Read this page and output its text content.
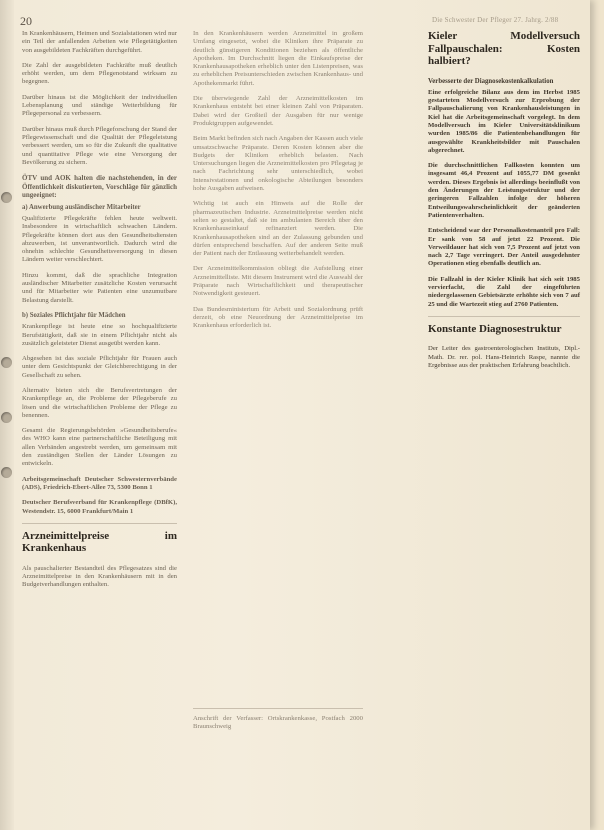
20	Die Schwester Der Pfleger 27. Jahrg. 2/88

In Krankenhäusern, Heimen und Sozialstationen wird nur ein Teil der anfallenden Arbeiten wie Pflegetätigkeiten von ausgebildeten Fachkräften durchgeführt.

Die Zahl der ausgebildeten Fachkräfte muß deutlich erhöht werden, um dem Pflegenotstand wirksam zu begegnen.

Darüber hinaus ist die Möglichkeit der individuellen Lebensplanung und ständige Weiterbildung für Pflegepersonal zu verbessern.

Darüber hinaus muß durch Pflegeforschung der Stand der Pflegewissenschaft und die Qualität der Pflegeleistung verbessert werden, um so für die Zukunft die qualitative und quantitative Pflege wie eine Versorgung der Bevölkerung zu sichern.

ÖTV und AOK halten die nachstehenden, in der Öffentlichkeit diskutierten, Vorschläge für gänzlich ungeeignet:
a) Anwerbung ausländischer Mitarbeiter

Qualifizierte Pflegekräfte fehlen heute weltweit. Insbesondere in wirtschaftlich schwachen Ländern. Pflegekräfte können dort aus den Gesundheitsdiensten abzuwerben, ist unverantwortlich. Dadurch wird die ohnehin schlechte Gesundheitsversorgung in diesen Ländern weiter verschlechtert.

Hinzu kommt, daß die sprachliche Integration ausländischer Mitarbeiter zusätzliche Kosten verursacht und für Mitarbeiter wie Patienten eine unzumutbare Belastung darstellt.

b) Soziales Pflichtjahr für Mädchen

Krankenpflege ist heute eine so hochqualifizierte Berufstätigkeit, daß sie in einem Pflichtjahr nicht als zusätzlich geleisteter Dienst ausgeübt werden kann.

Abgesehen ist das soziale Pflichtjahr für Frauen auch unter dem Gesichtspunkt der Gleichberechtigung in der Gesellschaft zu sehen.

Alternativ bieten sich die Berufsvertretungen der Krankenpflege an, die Probleme der Pflegeberufe zu lösen und die wirtschaftlichen Probleme der Pflege zu benennen.

Gesamt die Regierungsbehörden »Gesundheitsberufe« des WHO kann eine partnerschaftliche Beteiligung mit allen Verbänden angestrebt werden, um gemeinsam mit den zuständigen Stellen der Länder Lösungen zu entwickeln.

Arbeitsgemeinschaft Deutscher Schwesternverbände (ADS), Friedrich-Ebert-Allee 73, 5300 Bonn 1

Deutscher Berufsverband für Krankenpflege (DBfK), Westendstr. 15, 6000 Frankfurt/Main 1

Arzneimittelpreise im Krankenhaus

Als pauschalierter Bestandteil des Pflegesatzes sind die Arzneimittelpreise in den Krankenhäusern mit in den Budgetverhandlungen enthalten.

In den Krankenhäusern werden Arzneimittel in großem Umfang eingesetzt, wobei die Kliniken ihre Präparate zu deutlich günstigeren Konditionen beziehen als öffentliche Apotheken. Im Durchschnitt liegen die Einkaufspreise der Krankenhausapotheken erheblich unter den Listenpreisen, was zu erheblichen Preisunterschieden zwischen Krankenhaus- und Apothekenmarkt führt.

Die überwiegende Zahl der Arzneimittelkosten im Krankenhaus entsteht bei einer kleinen Zahl von Präparaten. Dabei wird der Großteil der Ausgaben für nur wenige Produktgruppen aufgewendet.

Beim Markt befinden sich nach Angaben der Kassen auch viele umsatzschwache Präparate. Deren Kosten können aber die Budgets der Kliniken erheblich belasten. Nach Untersuchungen liegen die Arzneimittelkosten pro Pflegetag je nach Fachrichtung sehr unterschiedlich, wobei Intensivstationen und onkologische Abteilungen besonders hohe Ausgaben aufweisen.

Wichtig ist auch ein Hinweis auf die Rolle der pharmazeutischen Industrie. Arzneimittelpreise werden nicht selten so gestaltet, daß sie im ambulanten Bereich über den Krankenhauseinkauf refinanziert werden. Die Krankenhausapotheken sind an der Zulassung gebunden und dürfen entsprechend beschaffen. Auf der anderen Seite muß der Patient nach der Entlassung weiterbehandelt werden.

Der Arzneimittelkommission obliegt die Aufstellung einer Arzneimittelliste. Mit diesem Instrument wird die Auswahl der Präparate nach Wirtschaftlichkeit und therapeutischer Notwendigkeit gesteuert.

Das Bundesministerium für Arbeit und Sozialordnung prüft derzeit, ob eine Neuordnung der Arzneimittelpreise im Krankenhaus erforderlich ist.

Anschrift der Verfasser: Ortskrankenkasse, Postfach 2000 Braunschweig

Kieler Modellversuch Fallpauschalen: Kosten halbiert?
Verbesserte der Diagnosekostenkalkulation

Eine erfolgreiche Bilanz aus dem im Herbst 1985 gestarteten Modellversuch zur Erprobung der Fallpauschalierung von Krankenhausleistungen in Kiel hat die Arbeitsgemeinschaft vorgelegt. In dem Modellversuch im Kieler Universitätsklinikum wurden 1985/86 die Patientenbehandlungen für ausgewählte Krankheitsbilder mit Pauschalen abgerechnet.

Die durchschnittlichen Fallkosten konnten um insgesamt 46,4 Prozent auf 1055,77 DM gesenkt werden. Dieses Ergebnis ist allerdings beeinflußt von den Änderungen der Leistungsstruktur und der geringeren Fallzahlen infolge der höheren Entweilungswahrscheinlichkeit der geänderten Patientenverhalten.

Entscheidend war der Personalkostenanteil pro Fall: Er sank von 58 auf jetzt 22 Prozent. Die Verweildauer hat sich von 7,5 Prozent auf jetzt von nach 2,7 Tage verringert. Der Anteil ausgedehnter Operationen stieg ebenfalls deutlich an.

Die Fallzahl in der Kieler Klinik hat sich seit 1985 vervierfacht, die Zahl der eingeführten niedergelassenen Gebietsärzte erhöhte sich von 7 auf 25 und die Wartezeit stieg auf 2760 Patienten.

Konstante Diagnosestruktur

Der Leiter des gastroenterologischen Instituts, Dipl.-Math. Dr. rer. pol. Hans-Heinrich Raspe, nannte die Ergebnisse aus der praktischen Erfahrung beachtlich.
